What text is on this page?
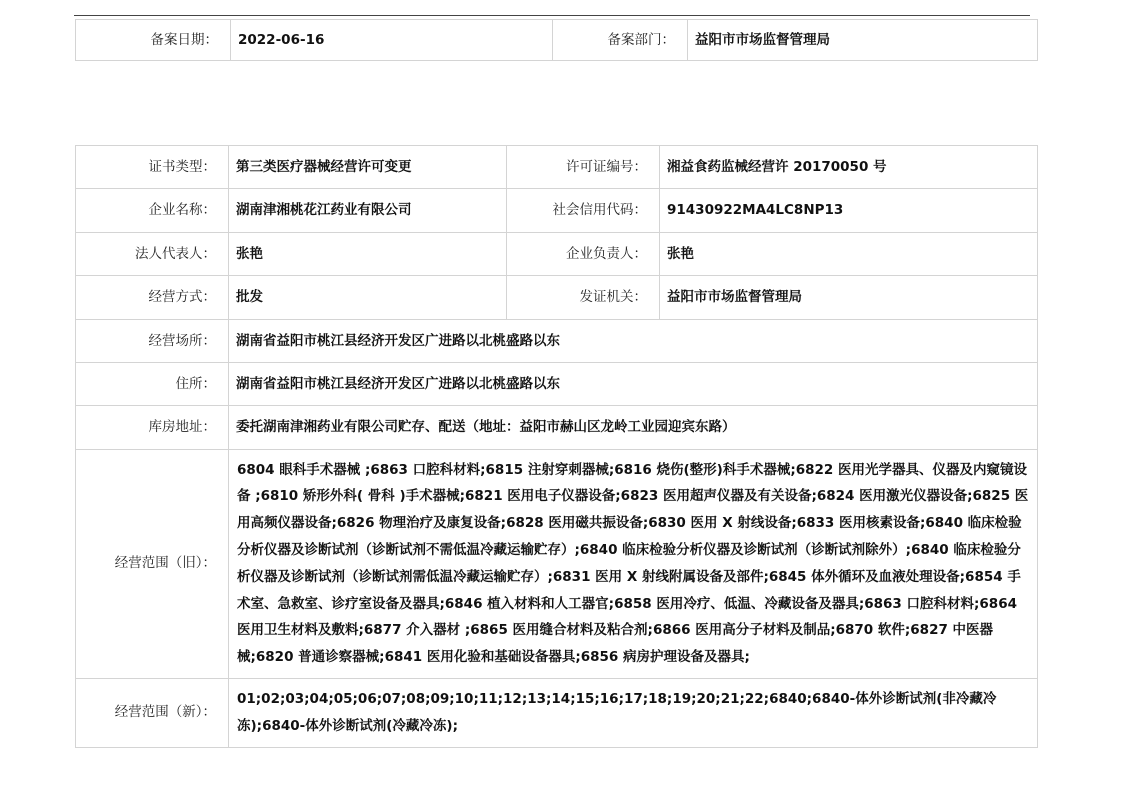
备案日期：	2022-06-16	备案部门：	益阳市市场监督管理局
证书类型：	第三类医疗器械经营许可变更	许可证编号：	湘益食药监械经营许 20170050 号
企业名称：	湖南津湘桃花江药业有限公司	社会信用代码：	91430922MA4LC8NP13
法人代表人：	张艳	企业负责人：	张艳
经营方式：	批发	发证机关：	益阳市市场监督管理局
经营场所：	湖南省益阳市桃江县经济开发区广进路以北桃盛路以东		
住所：	湖南省益阳市桃江县经济开发区广进路以北桃盛路以东		
库房地址：	委托湖南津湘药业有限公司贮存、配送（地址：益阳市赫山区龙岭工业园迎宾东路）		
经营范围（旧）：	6804 眼科手术器械 ;6863 口腔科材料;6815 注射穿刺器械;6816 烧伤(整形)科手术器械;6822 医用光学器具、仪器及内窥镜设备 ;6810 矫形外科( 骨科 )手术器械;6821 医用电子仪器设备;6823 医用超声仪器及有关设备;6824 医用激光仪器设备;6825 医用高频仪器设备;6826 物理治疗及康复设备;6828 医用磁共振设备;6830 医用 X 射线设备;6833 医用核素设备;6840 临床检验分析仪器及诊断试剂（诊断试剂不需低温冷藏运输贮存）;6840 临床检验分析仪器及诊断试剂（诊断试剂除外）;6840 临床检验分析仪器及诊断试剂（诊断试剂需低温冷藏运输贮存）;6831 医用 X 射线附属设备及部件;6845 体外循环及血液处理设备;6854 手术室、急救室、诊疗室设备及器具;6846 植入材料和人工器官;6858 医用冷疗、低温、冷藏设备及器具;6863 口腔科材料;6864 医用卫生材料及敷料;6877 介入器材 ;6865 医用缝合材料及粘合剂;6866 医用高分子材料及制品;6870 软件;6827 中医器械;6820 普通诊察器械;6841 医用化验和基础设备器具;6856 病房护理设备及器具;		
经营范围（新）：	01;02;03;04;05;06;07;08;09;10;11;12;13;14;15;16;17;18;19;20;21;22;6840;6840-体外诊断试剂(非冷藏冷冻);6840-体外诊断试剂(冷藏冷冻);		
